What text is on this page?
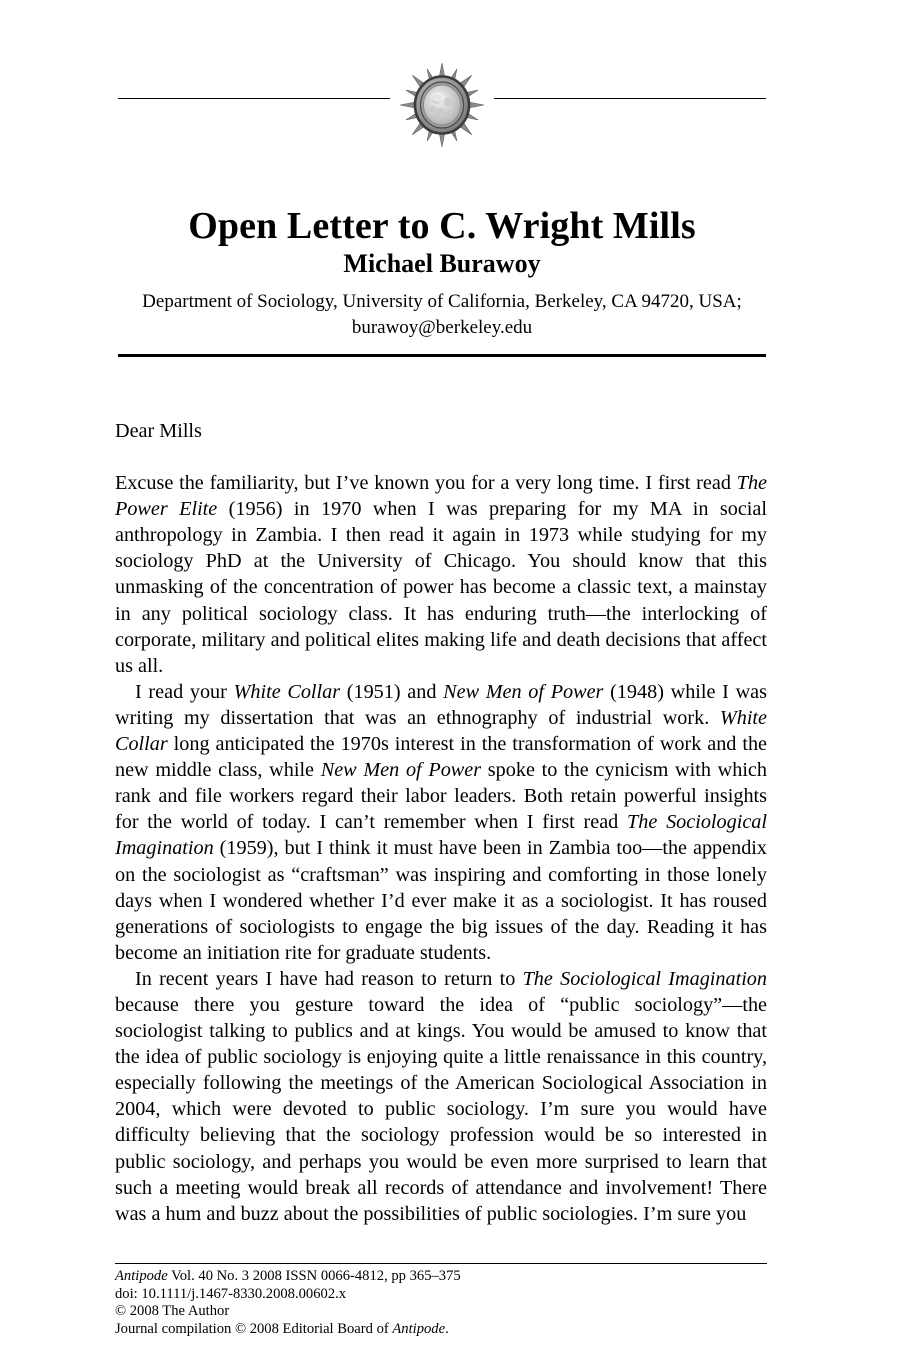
Open Letter to C. Wright Mills
Michael Burawoy
Department of Sociology, University of California, Berkeley, CA 94720, USA;
burawoy@berkeley.edu
Dear Mills

Excuse the familiarity, but I’ve known you for a very long time. I first read The Power Elite (1956) in 1970 when I was preparing for my MA in social anthropology in Zambia. I then read it again in 1973 while studying for my sociology PhD at the University of Chicago. You should know that this unmasking of the concentration of power has become a classic text, a mainstay in any political sociology class. It has enduring truth—the interlocking of corporate, military and political elites making life and death decisions that affect us all.

I read your White Collar (1951) and New Men of Power (1948) while I was writing my dissertation that was an ethnography of industrial work. White Collar long anticipated the 1970s interest in the transformation of work and the new middle class, while New Men of Power spoke to the cynicism with which rank and file workers regard their labor leaders. Both retain powerful insights for the world of today. I can’t remember when I first read The Sociological Imagination (1959), but I think it must have been in Zambia too—the appendix on the sociologist as “craftsman” was inspiring and comforting in those lonely days when I wondered whether I’d ever make it as a sociologist. It has roused generations of sociologists to engage the big issues of the day. Reading it has become an initiation rite for graduate students.

In recent years I have had reason to return to The Sociological Imagination because there you gesture toward the idea of “public sociology”—the sociologist talking to publics and at kings. You would be amused to know that the idea of public sociology is enjoying quite a little renaissance in this country, especially following the meetings of the American Sociological Association in 2004, which were devoted to public sociology. I’m sure you would have difficulty believing that the sociology profession would be so interested in public sociology, and perhaps you would be even more surprised to learn that such a meeting would break all records of attendance and involvement! There was a hum and buzz about the possibilities of public sociologies. I’m sure you

Antipode Vol. 40 No. 3 2008 ISSN 0066-4812, pp 365–375
doi: 10.1111/j.1467-8330.2008.00602.x
© 2008 The Author
Journal compilation © 2008 Editorial Board of Antipode.
